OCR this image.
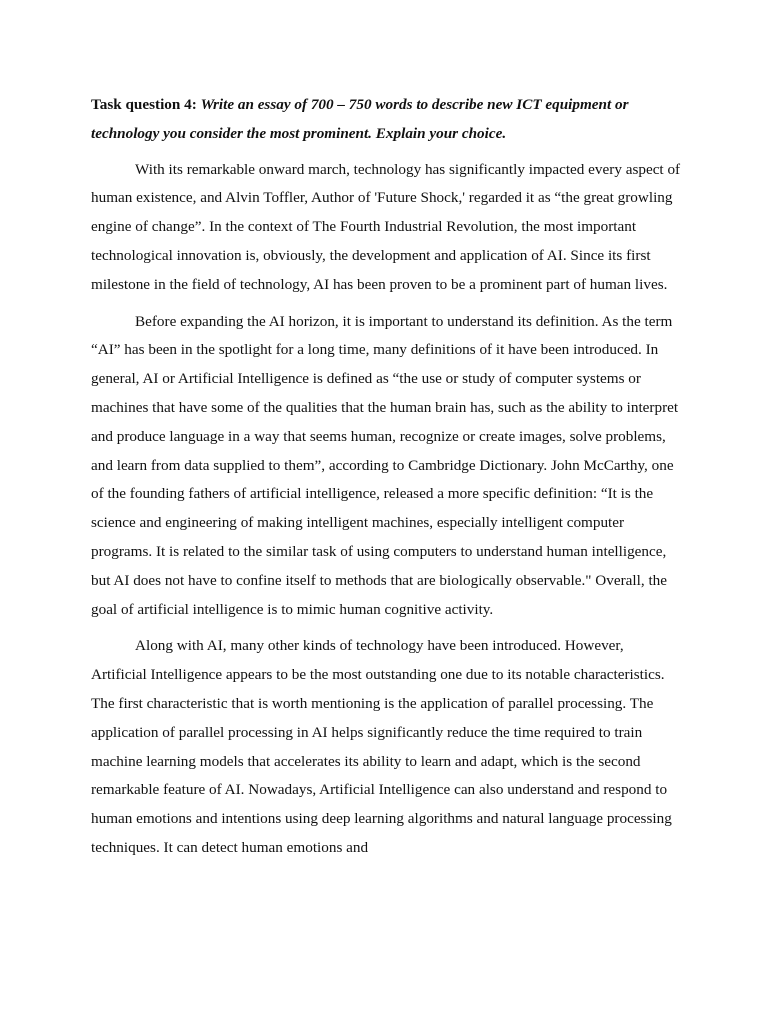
Task question 4: Write an essay of 700 – 750 words to describe new ICT equipment or technology you consider the most prominent. Explain your choice.

With its remarkable onward march, technology has significantly impacted every aspect of human existence, and Alvin Toffler, Author of 'Future Shock,' regarded it as “the great growling engine of change”. In the context of The Fourth Industrial Revolution, the most important technological innovation is, obviously, the development and application of AI. Since its first milestone in the field of technology, AI has been proven to be a prominent part of human lives.

Before expanding the AI horizon, it is important to understand its definition. As the term “AI” has been in the spotlight for a long time, many definitions of it have been introduced. In general, AI or Artificial Intelligence is defined as “the use or study of computer systems or machines that have some of the qualities that the human brain has, such as the ability to interpret and produce language in a way that seems human, recognize or create images, solve problems, and learn from data supplied to them”, according to Cambridge Dictionary. John McCarthy, one of the founding fathers of artificial intelligence, released a more specific definition: “It is the science and engineering of making intelligent machines, especially intelligent computer programs. It is related to the similar task of using computers to understand human intelligence, but AI does not have to confine itself to methods that are biologically observable." Overall, the goal of artificial intelligence is to mimic human cognitive activity.

Along with AI, many other kinds of technology have been introduced. However, Artificial Intelligence appears to be the most outstanding one due to its notable characteristics. The first characteristic that is worth mentioning is the application of parallel processing. The application of parallel processing in AI helps significantly reduce the time required to train machine learning models that accelerates its ability to learn and adapt, which is the second remarkable feature of AI. Nowadays, Artificial Intelligence can also understand and respond to human emotions and intentions using deep learning algorithms and natural language processing techniques. It can detect human emotions and
